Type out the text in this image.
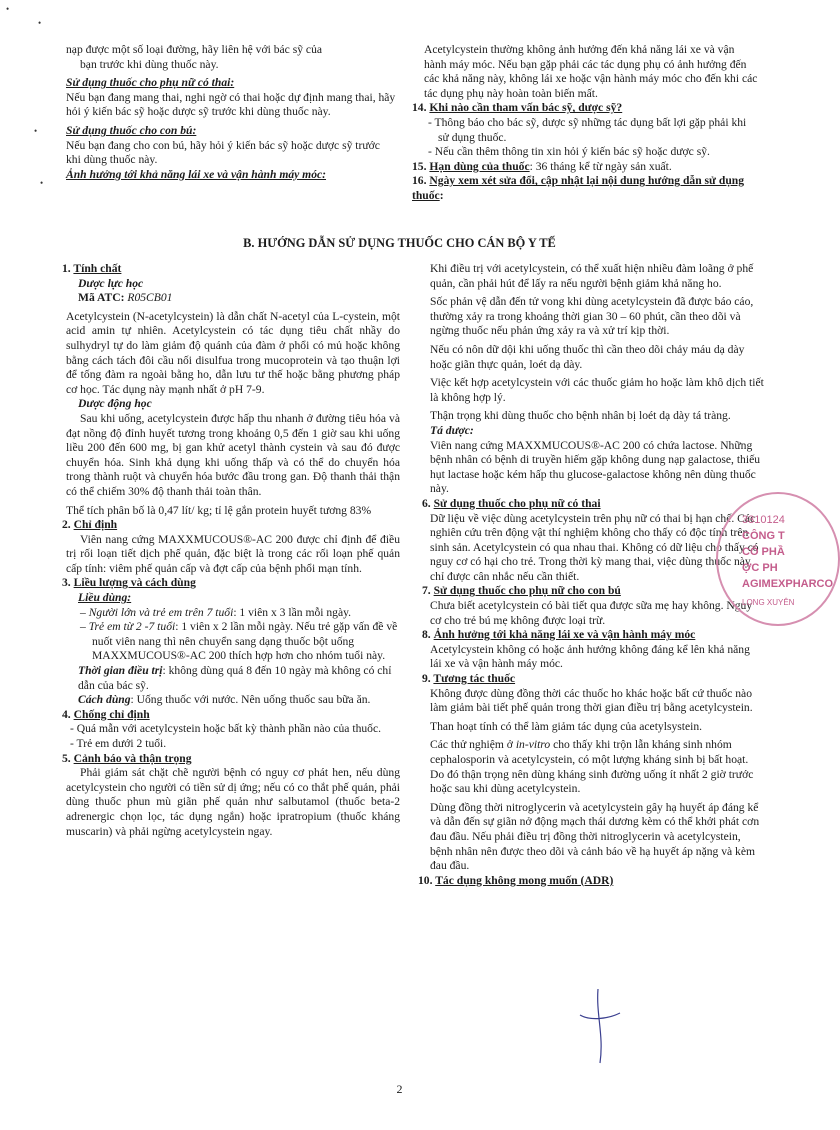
•
•
•
•

nạp được một số loại đường, hãy liên hệ với bác sỹ của

bạn trước khi dùng thuốc này.

Sử dụng thuốc cho phụ nữ có thai:

Nếu bạn đang mang thai, nghi ngờ có thai hoặc dự định mang thai, hãy hỏi ý kiến bác sỹ hoặc dược sỹ trước khi dùng thuốc này.

Sử dụng thuốc cho con bú:

Nếu bạn đang cho con bú, hãy hỏi ý kiến bác sỹ hoặc dược sỹ trước khi dùng thuốc này.

Ảnh hưởng tới khả năng lái xe và vận hành máy móc:

Acetylcystein thường không ảnh hưởng đến khả năng lái xe và vận hành máy móc. Nếu bạn gặp phải các tác dụng phụ có ảnh hưởng đến các khả năng này, không lái xe hoặc vận hành máy móc cho đến khi các tác dụng phụ này hoàn toàn biến mất.

14. Khi nào cần tham vấn bác sỹ, dược sỹ?

- Thông báo cho bác sỹ, dược sỹ những tác dụng bất lợi gặp phải khi sử dụng thuốc.

- Nếu cần thêm thông tin xin hỏi ý kiến bác sỹ hoặc dược sỹ.

15. Hạn dùng của thuốc: 36 tháng kể từ ngày sản xuất.

16. Ngày xem xét sửa đổi, cập nhật lại nội dung hướng dẫn sử dụng thuốc:

B. HƯỚNG DẪN SỬ DỤNG THUỐC CHO CÁN BỘ Y TẾ

1. Tính chất

Dược lực học

Mã ATC: R05CB01

Acetylcystein (N-acetylcystein) là dẫn chất N-acetyl của L-cystein, một acid amin tự nhiên. Acetylcystein có tác dụng tiêu chất nhầy do sulhydryl tự do làm giảm độ quánh của đàm ở phổi có mủ hoặc không bằng cách tách đôi cầu nối disulfua trong mucoprotein và tạo thuận lợi để tống đàm ra ngoài bằng ho, dẫn lưu tư thế hoặc bằng phương pháp cơ học. Tác dụng này mạnh nhất ở pH 7-9.

Dược động học

Sau khi uống, acetylcystein được hấp thu nhanh ở đường tiêu hóa và đạt nồng độ đỉnh huyết tương trong khoảng 0,5 đến 1 giờ sau khi uống liều 200 đến 600 mg, bị gan khử acetyl thành cystein và sau đó được chuyển hóa. Sinh khả dụng khi uống thấp và có thể do chuyển hóa trong thành ruột và chuyển hóa bước đầu trong gan. Độ thanh thải thận có thể chiếm 30% độ thanh thải toàn thân.

Thể tích phân bố là 0,47 lít/ kg; tỉ lệ gắn protein huyết tương 83%

2. Chỉ định

Viên nang cứng MAXXMUCOUS®-AC 200 được chỉ định để điều trị rối loạn tiết dịch phế quản, đặc biệt là trong các rối loạn phế quản cấp tính: viêm phế quản cấp và đợt cấp của bệnh phổi mạn tính.

3. Liều lượng và cách dùng

Liều dùng:

– Người lớn và trẻ em trên 7 tuổi: 1 viên x 3 lần mỗi ngày.

– Trẻ em từ 2 -7 tuổi: 1 viên x 2 lần mỗi ngày. Nếu trẻ gặp vấn đề về nuốt viên nang thì nên chuyển sang dạng thuốc bột uống MAXXMUCOUS®-AC 200 thích hợp hơn cho nhóm tuổi này.

Thời gian điều trị: không dùng quá 8 đến 10 ngày mà không có chỉ dẫn của bác sỹ.

Cách dùng: Uống thuốc với nước. Nên uống thuốc sau bữa ăn.

4. Chống chỉ định

- Quá mẫn với acetylcystein hoặc bất kỳ thành phần nào của thuốc.

- Trẻ em dưới 2 tuổi.

5. Cảnh báo và thận trọng

Phải giám sát chặt chẽ người bệnh có nguy cơ phát hen, nếu dùng acetylcystein cho người có tiền sử dị ứng; nếu có co thắt phế quản, phải dùng thuốc phun mù giãn phế quản như salbutamol (thuốc beta-2 adrenergic chọn lọc, tác dụng ngắn) hoặc ipratropium (thuốc kháng muscarin) và phải ngừng acetylcystein ngay.

Khi điều trị với acetylcystein, có thể xuất hiện nhiều đàm loãng ở phế quản, cần phải hút để lấy ra nếu người bệnh giảm khả năng ho.

Sốc phản vệ dẫn đến tử vong khi dùng acetylcystein đã được báo cáo, thường xảy ra trong khoảng thời gian 30 – 60 phút, cần theo dõi và ngừng thuốc nếu phản ứng xảy ra và xử trí kịp thời.

Nếu có nôn dữ dội khi uống thuốc thì cần theo dõi chảy máu dạ dày hoặc giãn thực quản, loét dạ dày.

Việc kết hợp acetylcystein với các thuốc giảm ho hoặc làm khô dịch tiết là không hợp lý.

Thận trọng khi dùng thuốc cho bệnh nhân bị loét dạ dày tá tràng.

Tá dược:

Viên nang cứng MAXXMUCOUS®-AC 200 có chứa lactose. Những bệnh nhân có bệnh di truyền hiếm gặp không dung nạp galactose, thiếu hụt lactase hoặc kém hấp thu glucose-galactose không nên dùng thuốc này.

6. Sử dụng thuốc cho phụ nữ có thai

Dữ liệu về việc dùng acetylcystein trên phụ nữ có thai bị hạn chế. Các nghiên cứu trên động vật thí nghiệm không cho thấy có độc tính trên sinh sản. Acetylcystein có qua nhau thai. Không có dữ liệu cho thấy có nguy cơ có hại cho trẻ. Trong thời kỳ mang thai, việc dùng thuốc này chỉ được cân nhắc nếu cần thiết.

7. Sử dụng thuốc cho phụ nữ cho con bú

Chưa biết acetylcystein có bài tiết qua được sữa mẹ hay không. Nguy cơ cho trẻ bú mẹ không được loại trừ.

8. Ảnh hưởng tới khả năng lái xe và vận hành máy móc

Acetylcystein không có hoặc ảnh hưởng không đáng kể lên khả năng lái xe và vận hành máy móc.

9. Tương tác thuốc

Không được dùng đồng thời các thuốc ho khác hoặc bất cứ thuốc nào làm giảm bài tiết phế quản trong thời gian điều trị bằng acetylcystein.

Than hoạt tính có thể làm giảm tác dụng của acetylsystein.

Các thử nghiệm ở in-vitro cho thấy khi trộn lẫn kháng sinh nhóm cephalosporin và acetylcystein, có một lượng kháng sinh bị bất hoạt. Do đó thận trọng nên dùng kháng sinh đường uống ít nhất 2 giờ trước hoặc sau khi dùng acetylcystein.

Dùng đồng thời nitroglycerin và acetylcystein gây hạ huyết áp đáng kể và dẫn đến sự giãn nở động mạch thái dương kèm có thể khởi phát cơn đau đầu. Nếu phải điều trị đồng thời nitroglycerin và acetylcystein, bệnh nhân nên được theo dõi và cảnh báo về hạ huyết áp nặng và kèm đau đầu.

10. Tác dụng không mong muốn (ADR)

3310124
CÔNG T
CỔ PHẦ
ỢC PH
AGIMEXPHARCO
LONG XUYÊN
2
